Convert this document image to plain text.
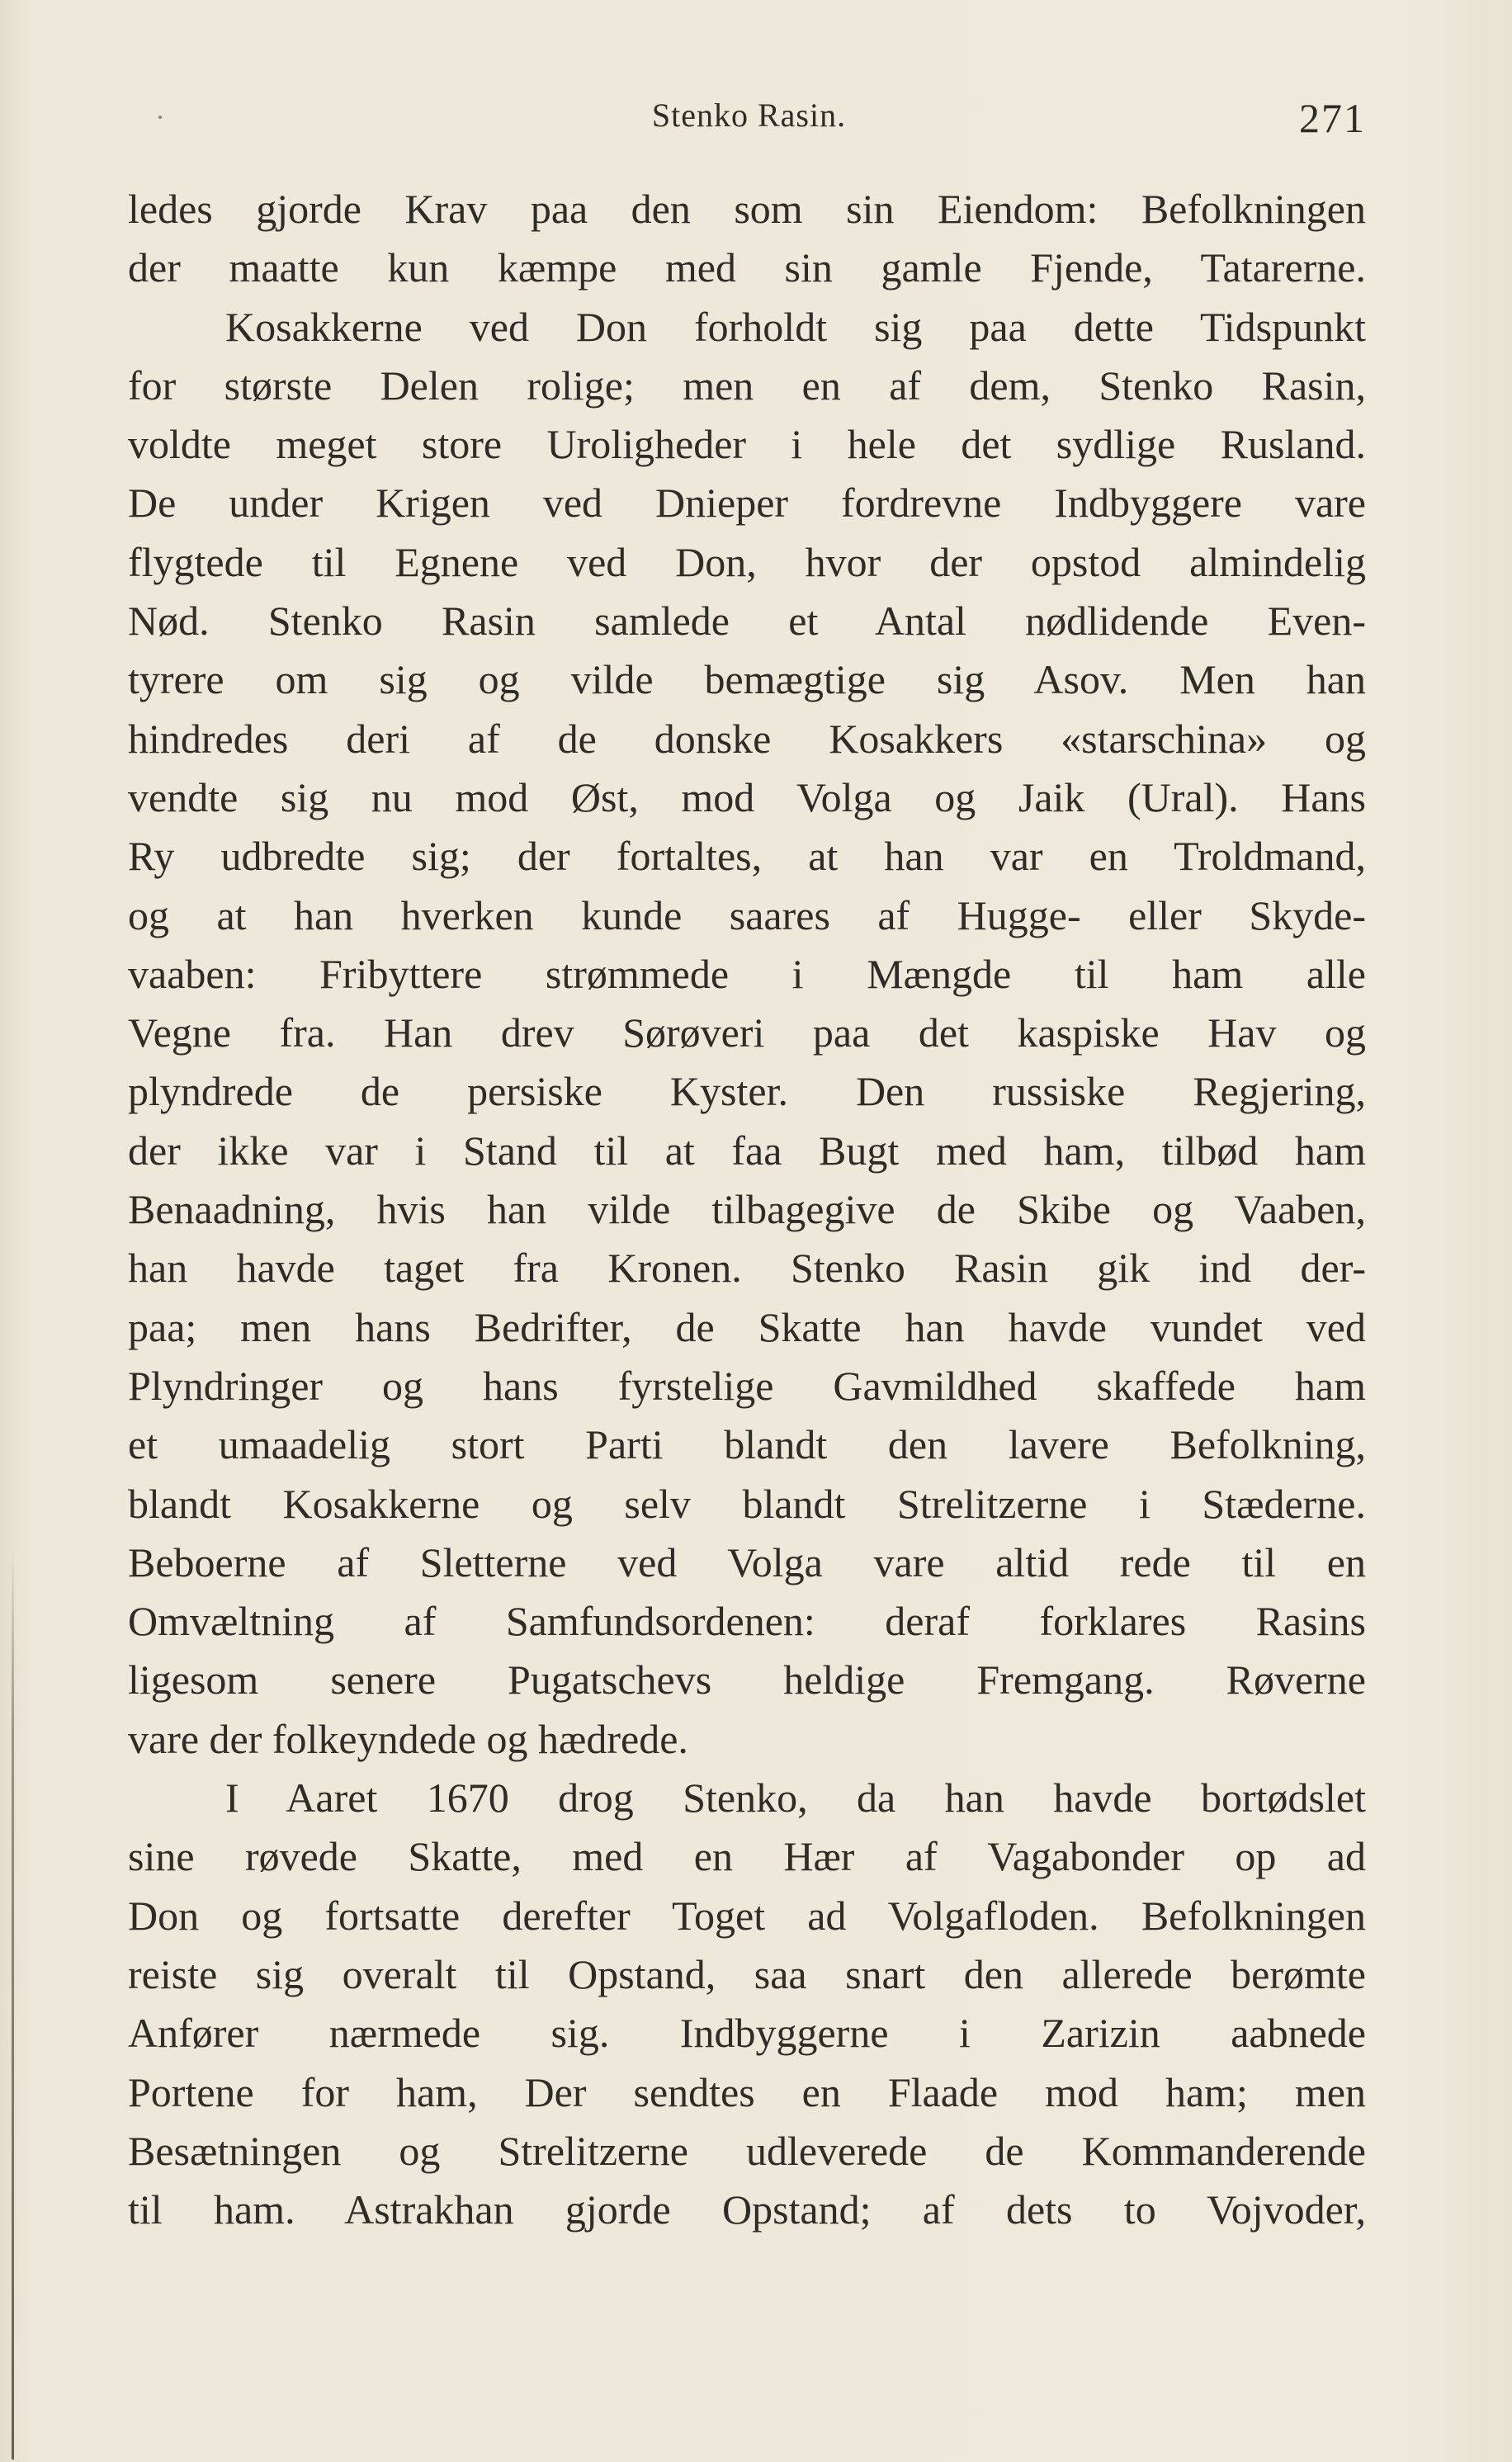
Stenko Rasin.	271
ledes gjorde Krav paa den som sin Eiendom: Befolkningen
der maatte kun kæmpe med sin gamle Fjende, Tatarerne.
Kosakkerne ved Don forholdt sig paa dette Tidspunkt
for største Delen rolige; men en af dem, Stenko Rasin,
voldte meget store Uroligheder i hele det sydlige Rusland.
De under Krigen ved Dnieper fordrevne Indbyggere vare
flygtede til Egnene ved Don, hvor der opstod almindelig
Nød. Stenko Rasin samlede et Antal nødlidende Even-
tyrere om sig og vilde bemægtige sig Asov. Men han
hindredes deri af de donske Kosakkers «starschina» og
vendte sig nu mod Øst, mod Volga og Jaik (Ural). Hans
Ry udbredte sig; der fortaltes, at han var en Troldmand,
og at han hverken kunde saares af Hugge- eller Skyde-
vaaben: Fribyttere strømmede i Mængde til ham alle
Vegne fra. Han drev Sørøveri paa det kaspiske Hav og
plyndrede de persiske Kyster. Den russiske Regjering,
der ikke var i Stand til at faa Bugt med ham, tilbød ham
Benaadning, hvis han vilde tilbagegive de Skibe og Vaaben,
han havde taget fra Kronen. Stenko Rasin gik ind der-
paa; men hans Bedrifter, de Skatte han havde vundet ved
Plyndringer og hans fyrstelige Gavmildhed skaffede ham
et umaadelig stort Parti blandt den lavere Befolkning,
blandt Kosakkerne og selv blandt Strelitzerne i Stæderne.
Beboerne af Sletterne ved Volga vare altid rede til en
Omvæltning af Samfundsordenen: deraf forklares Rasins
ligesom senere Pugatschevs heldige Fremgang. Røverne
vare der folkeyndede og hædrede.
I Aaret 1670 drog Stenko, da han havde bortødslet
sine røvede Skatte, med en Hær af Vagabonder op ad
Don og fortsatte derefter Toget ad Volgafloden. Befolkningen
reiste sig overalt til Opstand, saa snart den allerede berømte
Anfører nærmede sig. Indbyggerne i Zarizin aabnede
Portene for ham, Der sendtes en Flaade mod ham; men
Besætningen og Strelitzerne udleverede de Kommanderende
til ham. Astrakhan gjorde Opstand; af dets to Vojvoder,
